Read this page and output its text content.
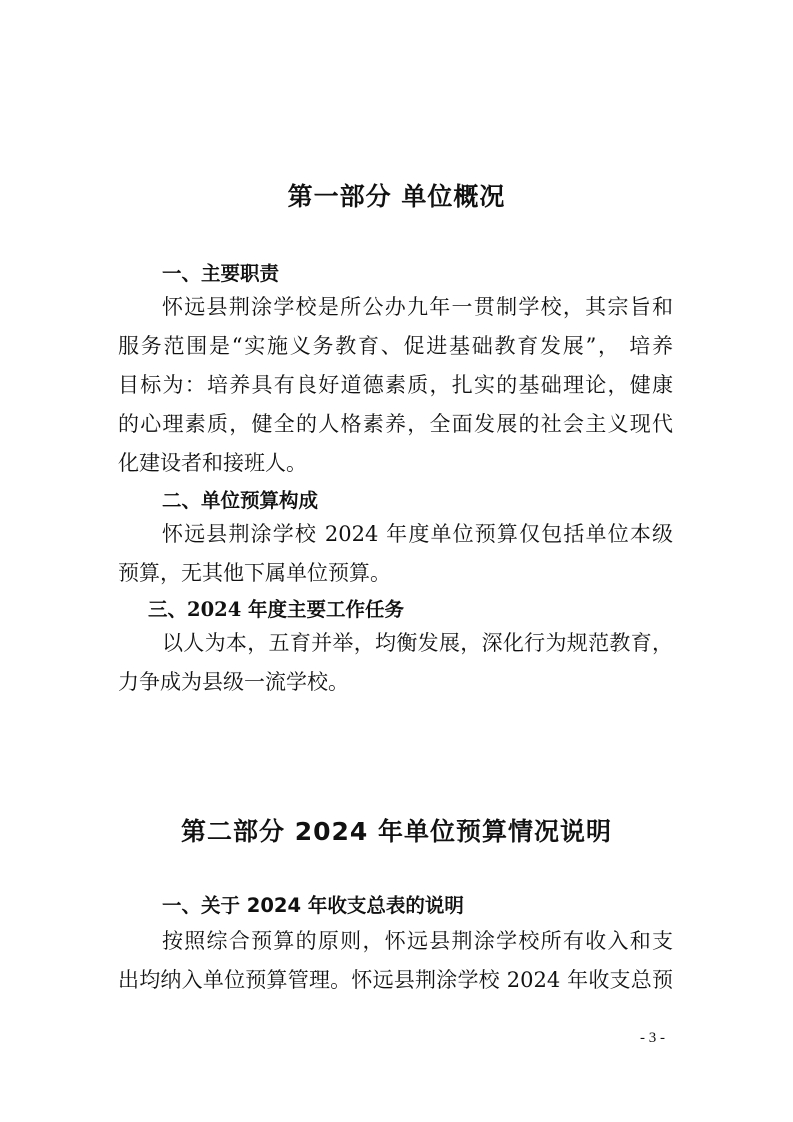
第一部分 单位概况
一、主要职责
怀远县荆涂学校是所公办九年一贯制学校，其宗旨和
服务范围是“实施义务教育、促进基础教育发展”， 培养
目标为：培养具有良好道德素质，扎实的基础理论，健康
的心理素质，健全的人格素养，全面发展的社会主义现代
化建设者和接班人。
二、单位预算构成
怀远县荆涂学校 2024 年度单位预算仅包括单位本级
预算，无其他下属单位预算。
三、2024 年度主要工作任务
以人为本，五育并举，均衡发展，深化行为规范教育，
力争成为县级一流学校。
第二部分 2024 年单位预算情况说明
一、关于 2024 年收支总表的说明
按照综合预算的原则，怀远县荆涂学校所有收入和支
出均纳入单位预算管理。怀远县荆涂学校 2024 年收支总预
- 3 -
